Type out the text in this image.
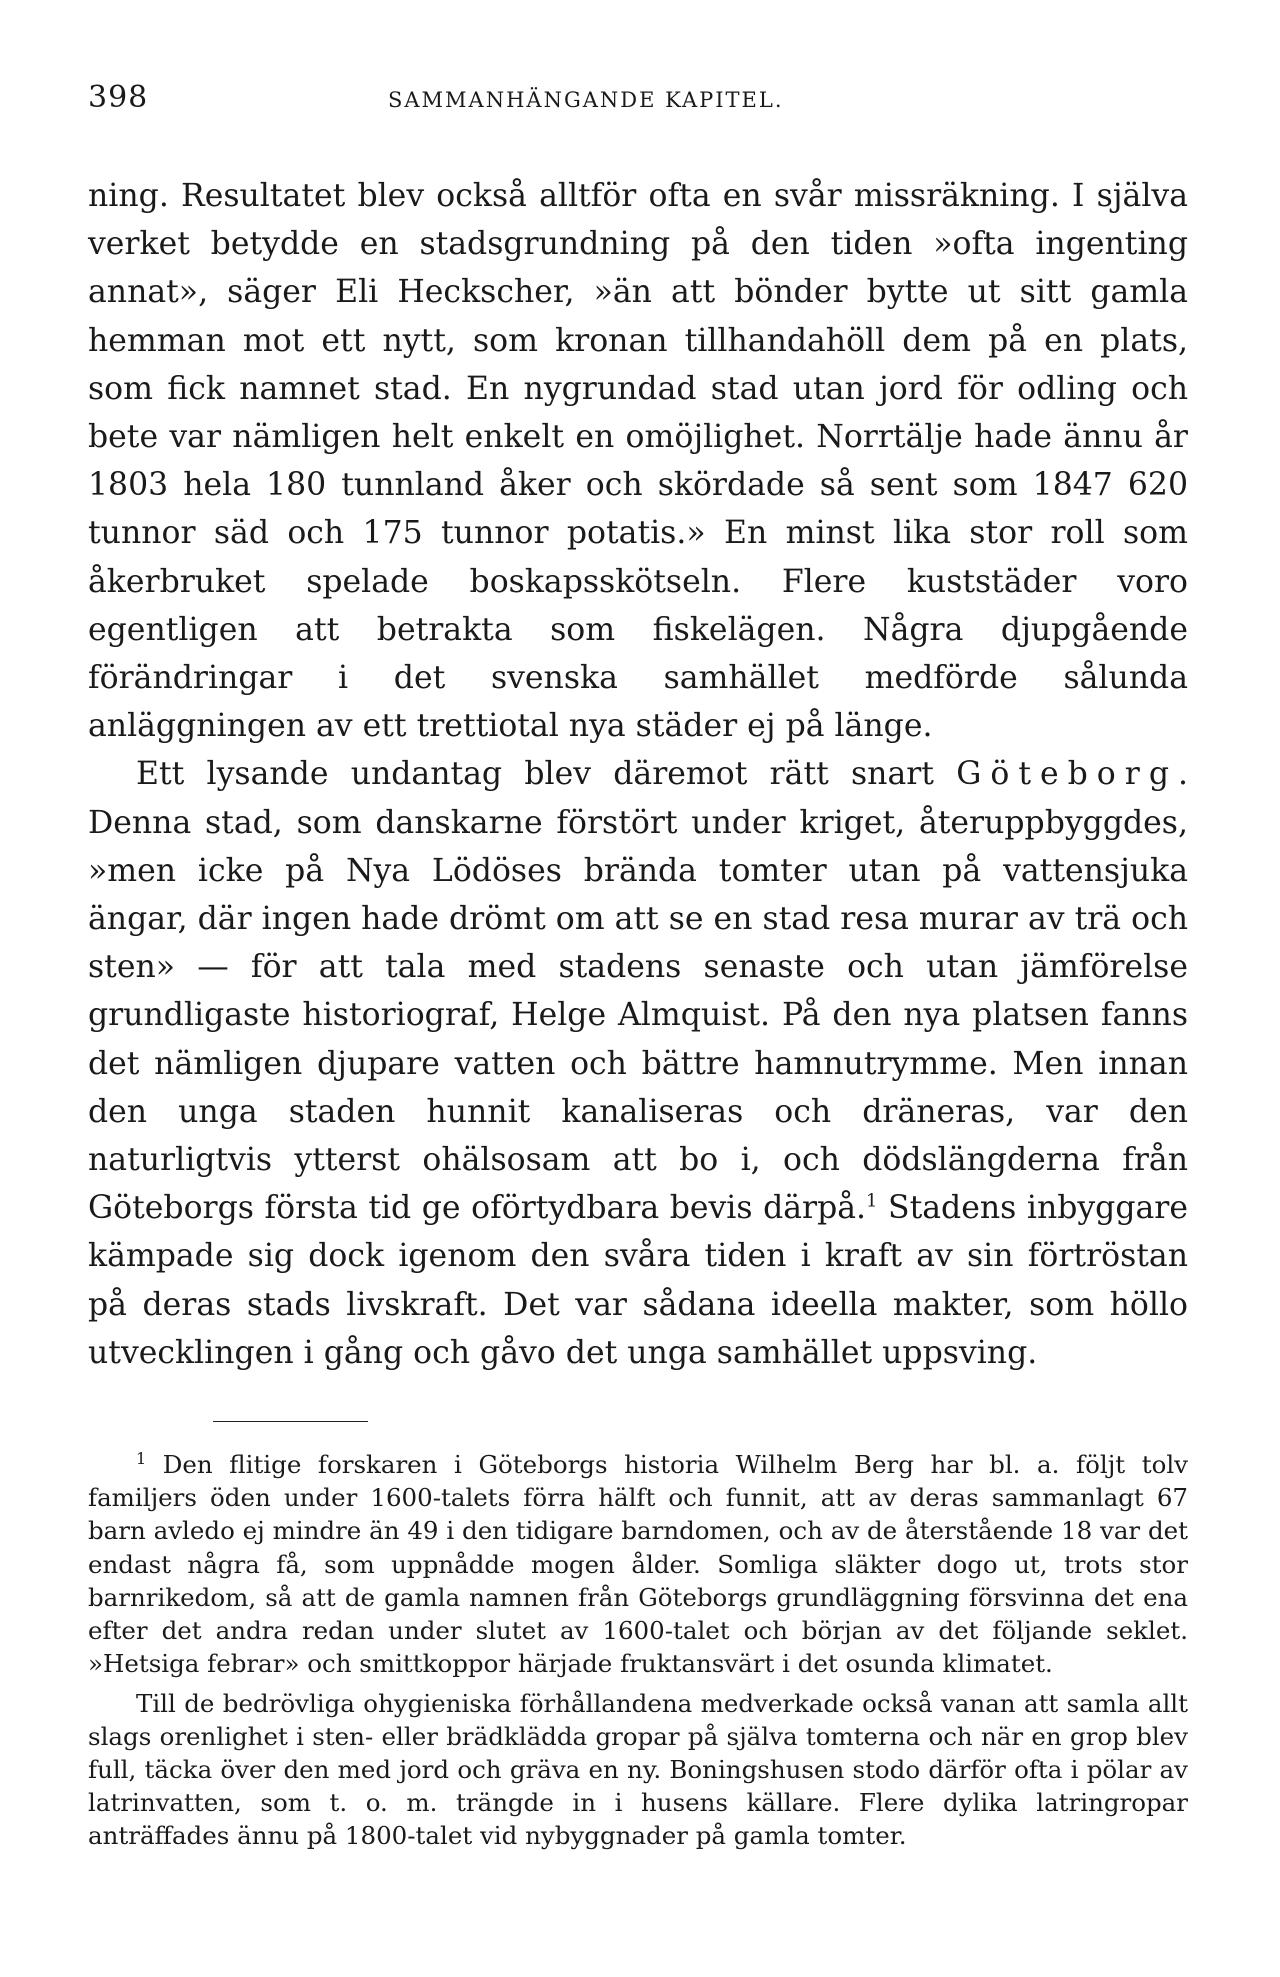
398	SAMMANHÄNGANDE KAPITEL.

ning. Resultatet blev också alltför ofta en svår missräkning. I själva verket betydde en stadsgrundning på den tiden »ofta ingenting annat», säger Eli Heckscher, »än att bönder bytte ut sitt gamla hemman mot ett nytt, som kronan tillhandahöll dem på en plats, som fick namnet stad. En nygrundad stad utan jord för odling och bete var nämligen helt enkelt en omöjlighet. Norrtälje hade ännu år 1803 hela 180 tunnland åker och skördade så sent som 1847 620 tunnor säd och 175 tunnor potatis.» En minst lika stor roll som åkerbruket spelade boskapsskötseln. Flere kuststäder voro egentligen att betrakta som fiskelägen. Några djupgående förändringar i det svenska samhället medförde sålunda anläggningen av ett trettiotal nya städer ej på länge.

Ett lysande undantag blev däremot rätt snart Göteborg. Denna stad, som danskarne förstört under kriget, återuppbyggdes, »men icke på Nya Lödöses brända tomter utan på vattensjuka ängar, där ingen hade drömt om att se en stad resa murar av trä och sten» — för att tala med stadens senaste och utan jämförelse grundligaste historiograf, Helge Almquist. På den nya platsen fanns det nämligen djupare vatten och bättre hamnutrymme. Men innan den unga staden hunnit kanaliseras och dräneras, var den naturligtvis ytterst ohälsosam att bo i, och dödslängderna från Göteborgs första tid ge oförtydbara bevis därpå.$^1$ Stadens inbyggare kämpade sig dock igenom den svåra tiden i kraft av sin förtröstan på deras stads livskraft. Det var sådana ideella makter, som höllo utvecklingen i gång och gåvo det unga samhället uppsving.

$^1$ Den flitige forskaren i Göteborgs historia Wilhelm Berg har bl. a. följt tolv familjers öden under 1600-talets förra hälft och funnit, att av deras sammanlagt 67 barn avledo ej mindre än 49 i den tidigare barndomen, och av de återstående 18 var det endast några få, som uppnådde mogen ålder. Somliga släkter dogo ut, trots stor barnrikedom, så att de gamla namnen från Göteborgs grundläggning försvinna det ena efter det andra redan under slutet av 1600-talet och början av det följande seklet. »Hetsiga febrar» och smittkoppor härjade fruktansvärt i det osunda klimatet.

Till de bedrövliga ohygieniska förhållandena medverkade också vanan att samla allt slags orenlighet i sten- eller brädklädda gropar på själva tomterna och när en grop blev full, täcka över den med jord och gräva en ny. Boningshusen stodo därför ofta i pölar av latrinvatten, som t. o. m. trängde in i husens källare. Flere dylika latringropar anträffades ännu på 1800-talet vid nybyggnader på gamla tomter.
